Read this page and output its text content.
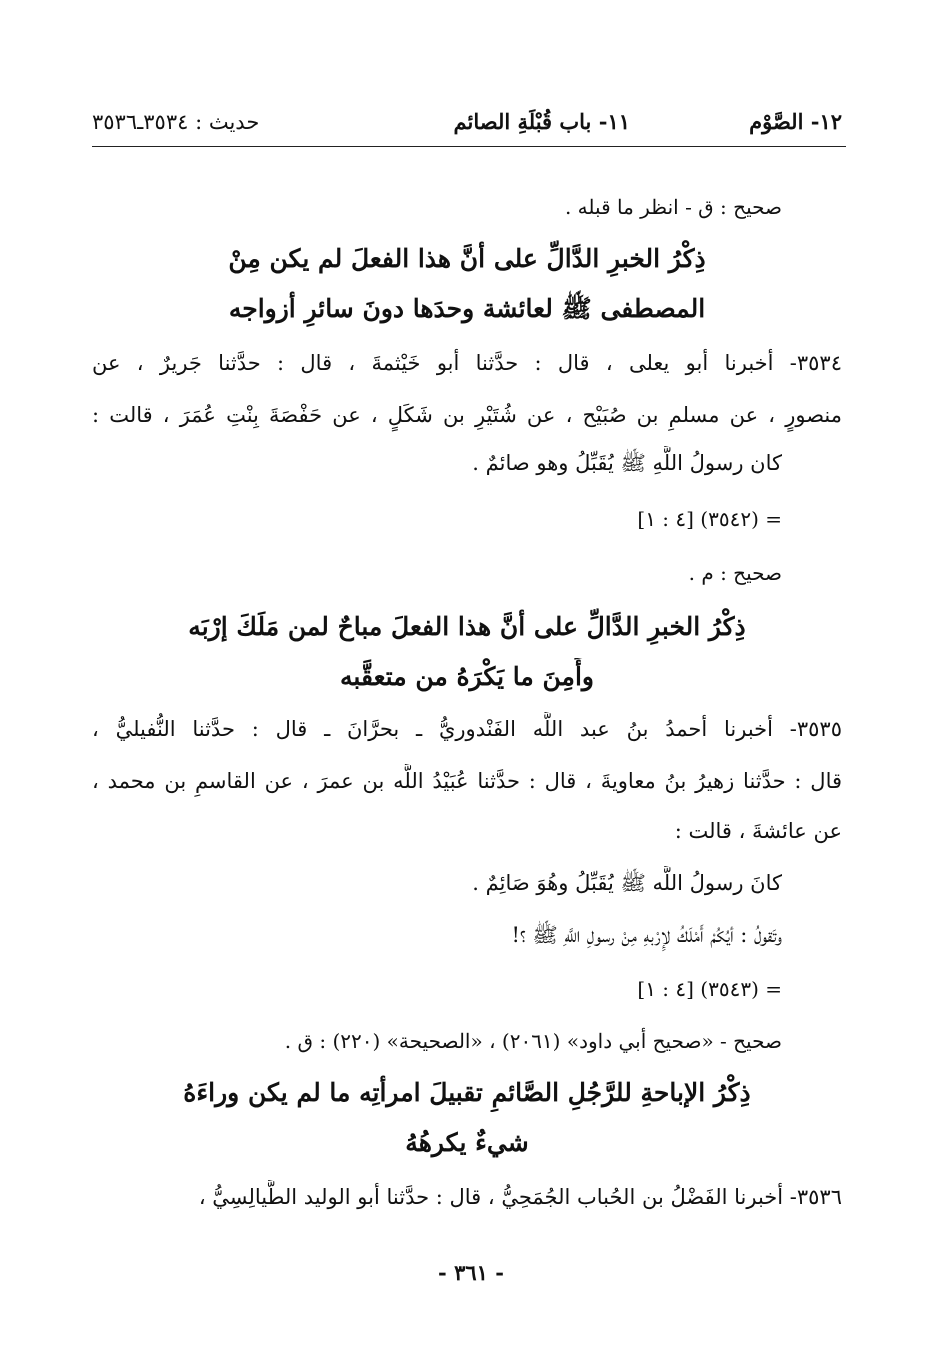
١٢- الصَّوْم
١١- باب قُبْلَةِ الصائم
حديث : ٣٥٣٤ـ٣٥٣٦
صحيح : ق - انظر ما قبله .
ذِكْرُ الخبرِ الدَّالِّ على أنَّ هذا الفعلَ لم يكن مِنْ
المصطفى ﷺ لعائشة وحدَها دونَ سائرِ أزواجه
٣٥٣٤- أخبرنا أبو يعلى ، قال : حدَّثنا أبو خَيْثمةَ ، قال : حدَّثنا جَريرٌ ، عن
منصورٍ ، عن مسلمِ بن صُبَيْح ، عن شُتَيْرِ بن شَكَلٍ ، عن حَفْصَةَ بِنْتِ عُمَرَ ، قالت :
كان رسولُ اللَّهِ ﷺ يُقَبِّلُ وهو صائمٌ .
= (٣٥٤٢) [٤ : ١]
صحيح : م .
ذِكْرُ الخبرِ الدَّالِّ على أنَّ هذا الفعلَ مباحٌ لمن مَلَكَ إرْبَه
وأَمِنَ ما يَكْرَهُ من متعقَّبه
٣٥٣٥- أخبرنا أحمدُ بنُ عبد اللَّه الفَنْدوريُّ ـ بحرَّانَ ـ قال : حدَّثنا النُّفيليُّ ،
قال : حدَّثنا زهيرُ بنُ معاويةَ ، قال : حدَّثنا عُبَيْدُ اللَّه بن عمرَ ، عن القاسمِ بن محمد ،
عن عائشةَ ، قالت :
كانَ رسولُ اللَّه ﷺ يُقَبِّلُ وهُوَ صَائِمٌ .
وتَقولُ : أيُكُمْ أَمْلَكُ لإِرْبهِ مِنْ رسولِ اللَّهِ ﷺ ؟!
= (٣٥٤٣) [٤ : ١]
صحيح - «صحيح أبي داود» (٢٠٦١) ، «الصحيحة» (٢٢٠) : ق .
ذِكْرُ الإباحةِ للرَّجُلِ الصَّائمِ تقبيلَ امرأتِه ما لم يكن وراءَهُ
شيءٌ يكرهُهُ
٣٥٣٦- أخبرنا الفَضْلُ بن الحُباب الجُمَحِيُّ ، قال : حدَّثنا أبو الوليد الطَّيالِسِيُّ ،
- ٣٦١ -
